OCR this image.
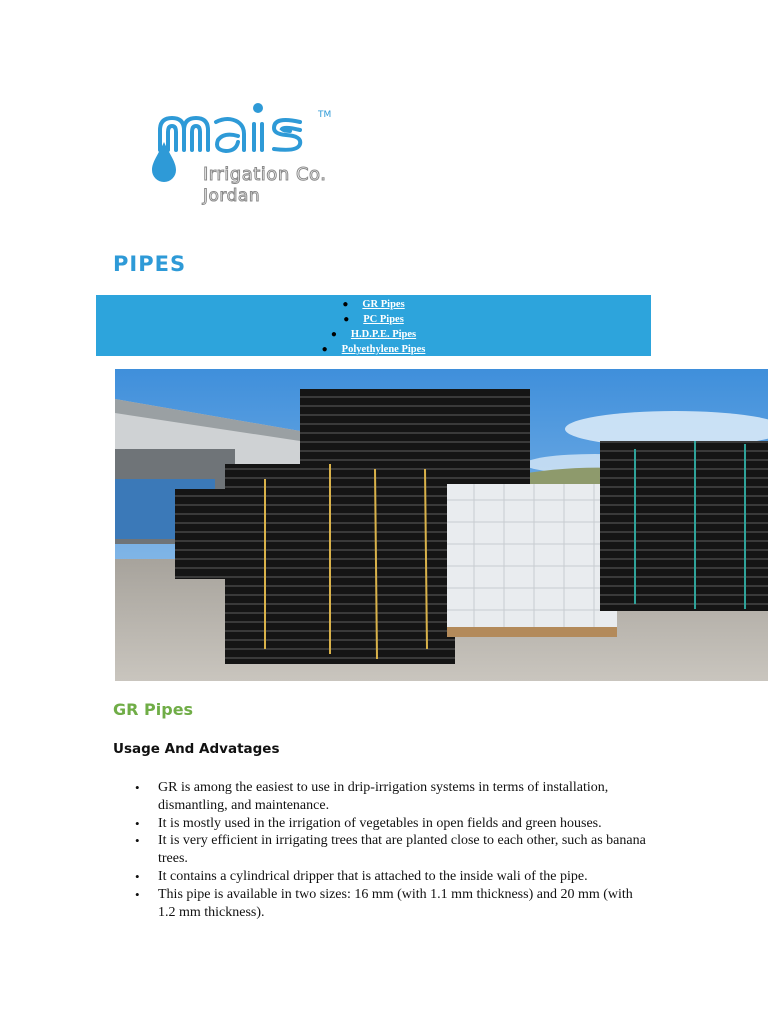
TM
Irrigation Co.
Jordan
PIPES
● GR Pipes
● PC Pipes
● H.D.P.E. Pipes
● Polyethylene Pipes
GR Pipes
Usage And Advatages
• GR is among the easiest to use in drip-irrigation systems in terms of installation, dismantling, and maintenance.
• It is mostly used in the irrigation of vegetables in open fields and green houses.
• It is very efficient in irrigating trees that are planted close to each other, such as banana trees.
• It contains a cylindrical dripper that is attached to the inside wali of the pipe.
• This pipe is available in two sizes: 16 mm (with 1.1 mm thickness) and 20 mm (with 1.2 mm thickness).
